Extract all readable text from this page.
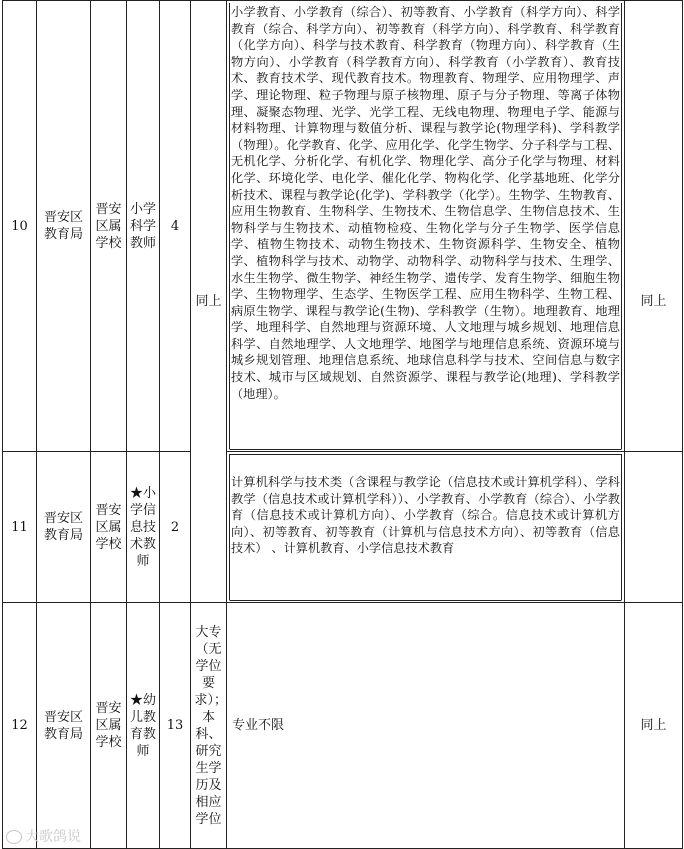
10
晋安区教育局
晋安区属学校
小学科学教师
4
同上
小学教育、小学教育（综合）、初等教育、小学教育（科学方向）、科学教育（综合、科学方向）、初等教育（科学方向）、科学教育、科学教育（化学方向）、科学与技术教育、科学教育（物理方向）、科学教育（生物方向）、小学教育（科学教育方向）、科学教育（小学教育）、教育技术、教育技术学、现代教育技术。物理教育、物理学、应用物理学、声学、理论物理、粒子物理与原子核物理、原子与分子物理、等离子体物理、凝聚态物理、光学、光学工程、无线电物理、物理电子学、能源与材料物理、计算物理与数值分析、课程与教学论(物理学科)、学科教学（物理）。化学教育、化学、应用化学、化学生物学、分子科学与工程、无机化学、分析化学、有机化学、物理化学、高分子化学与物理、材料化学、环境化学、电化学、催化化学、物构化学、化学基地班、化学分析技术、课程与教学论(化学)、学科教学（化学）。生物学、生物教育、应用生物教育、生物科学、生物技术、生物信息学、生物信息技术、生物科学与生物技术、动植物检疫、生物化学与分子生物学、医学信息学、植物生物技术、动物生物技术、生物资源科学、生物安全、植物学、植物科学与技术、动物学、动物科学、动物科学与技术、生理学、水生生物学、微生物学、神经生物学、遗传学、发育生物学、细胞生物学、生物物理学、生态学、生物医学工程、应用生物科学、生物工程、病原生物学、课程与教学论(生物)、学科教学（生物）。地理教育、地理学、地理科学、自然地理与资源环境、人文地理与城乡规划、地理信息科学、自然地理学、人文地理学、地图学与地理信息系统、资源环境与城乡规划管理、地理信息系统、地球信息科学与技术、空间信息与数字技术、城市与区域规划、自然资源学、课程与教学论(地理)、学科教学（地理）。
同上
11
晋安区教育局
晋安区属学校
★小学信息技术教师
2
计算机科学与技术类（含课程与教学论（信息技术或计算机学科）、学科教学（信息技术或计算机学科））、小学教育、小学教育（综合）、小学教育（信息技术或计算机方向）、小学教育（综合。信息技术或计算机方向）、初等教育、初等教育（计算机与信息技术方向）、初等教育（信息技术） 、计算机教育、小学信息技术教育
12
晋安区教育局
晋安区属学校
★幼儿教育教师
13
大专（无学位要求）；本科、研究生学历及相应学位
专业不限	同上
大歌鸽说
